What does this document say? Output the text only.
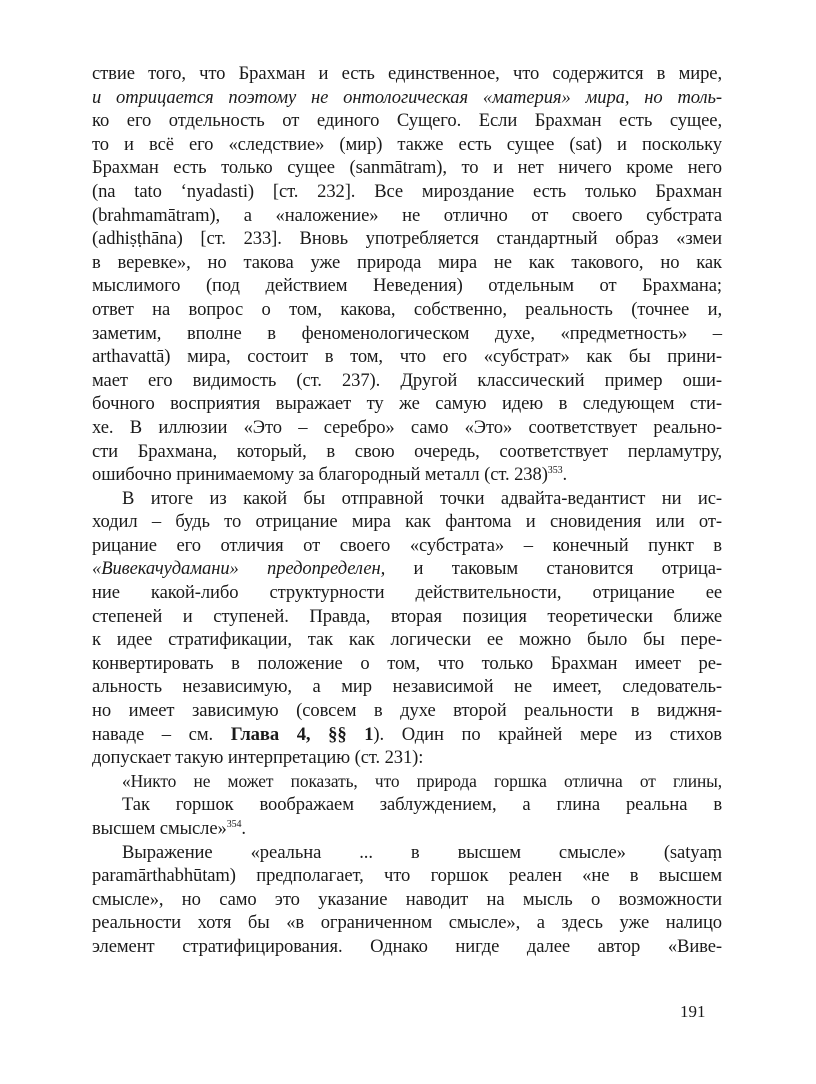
ствие того, что Брахман и есть единственное, что содержится в мире,
и отрицается поэтому не онтологическая «материя» мира, но толь-
ко его отдельность от единого Сущего. Если Брахман есть сущее,
то и всё его «следствие» (мир) также есть сущее (sat) и поскольку
Брахман есть только сущее (sanmātram), то и нет ничего кроме него
(na tato ‘nyadasti) [ст. 232]. Все мироздание есть только Брахман
(brahmamātram), а «наложение» не отлично от своего субстрата
(adhiṣṭhāna) [ст. 233]. Вновь употребляется стандартный образ «змеи
в веревке», но такова уже природа мира не как такового, но как
мыслимого (под действием Неведения) отдельным от Брахмана;
ответ на вопрос о том, какова, собственно, реальность (точнее и,
заметим, вполне в феноменологическом духе, «предметность» –
arthavattā) мира, состоит в том, что его «субстрат» как бы прини-
мает его видимость (ст. 237). Другой классический пример оши-
бочного восприятия выражает ту же самую идею в следующем сти-
хе. В иллюзии «Это – серебро» само «Это» соответствует реально-
сти Брахмана, который, в свою очередь, соответствует перламутру,
ошибочно принимаемому за благородный металл (ст. 238)$^{353}$.
В итоге из какой бы отправной точки адвайта-ведантист ни ис-
ходил – будь то отрицание мира как фантома и сновидения или от-
рицание его отличия от своего «субстрата» – конечный пункт в
«Вивекачудамани» предопределен, и таковым становится отрица-
ние какой-либо структурности действительности, отрицание ее
степеней и ступеней. Правда, вторая позиция теоретически ближе
к идее стратификации, так как логически ее можно было бы пере-
конвертировать в положение о том, что только Брахман имеет ре-
альность независимую, а мир независимой не имеет, следователь-
но имеет зависимую (совсем в духе второй реальности в виджня-
наваде – см. Глава 4, §§ 1). Один по крайней мере из стихов
допускает такую интерпретацию (ст. 231):
«Никто не может показать, что природа горшка отлична от глины,
Так горшок воображаем заблуждением, а глина реальна в
высшем смысле»$^{354}$.
Выражение «реальна ... в высшем смысле» (satyaṃ
paramārthabhūtam) предполагает, что горшок реален «не в высшем
смысле», но само это указание наводит на мысль о возможности
реальности хотя бы «в ограниченном смысле», а здесь уже налицо
элемент стратифицирования. Однако нигде далее автор «Виве-
191
